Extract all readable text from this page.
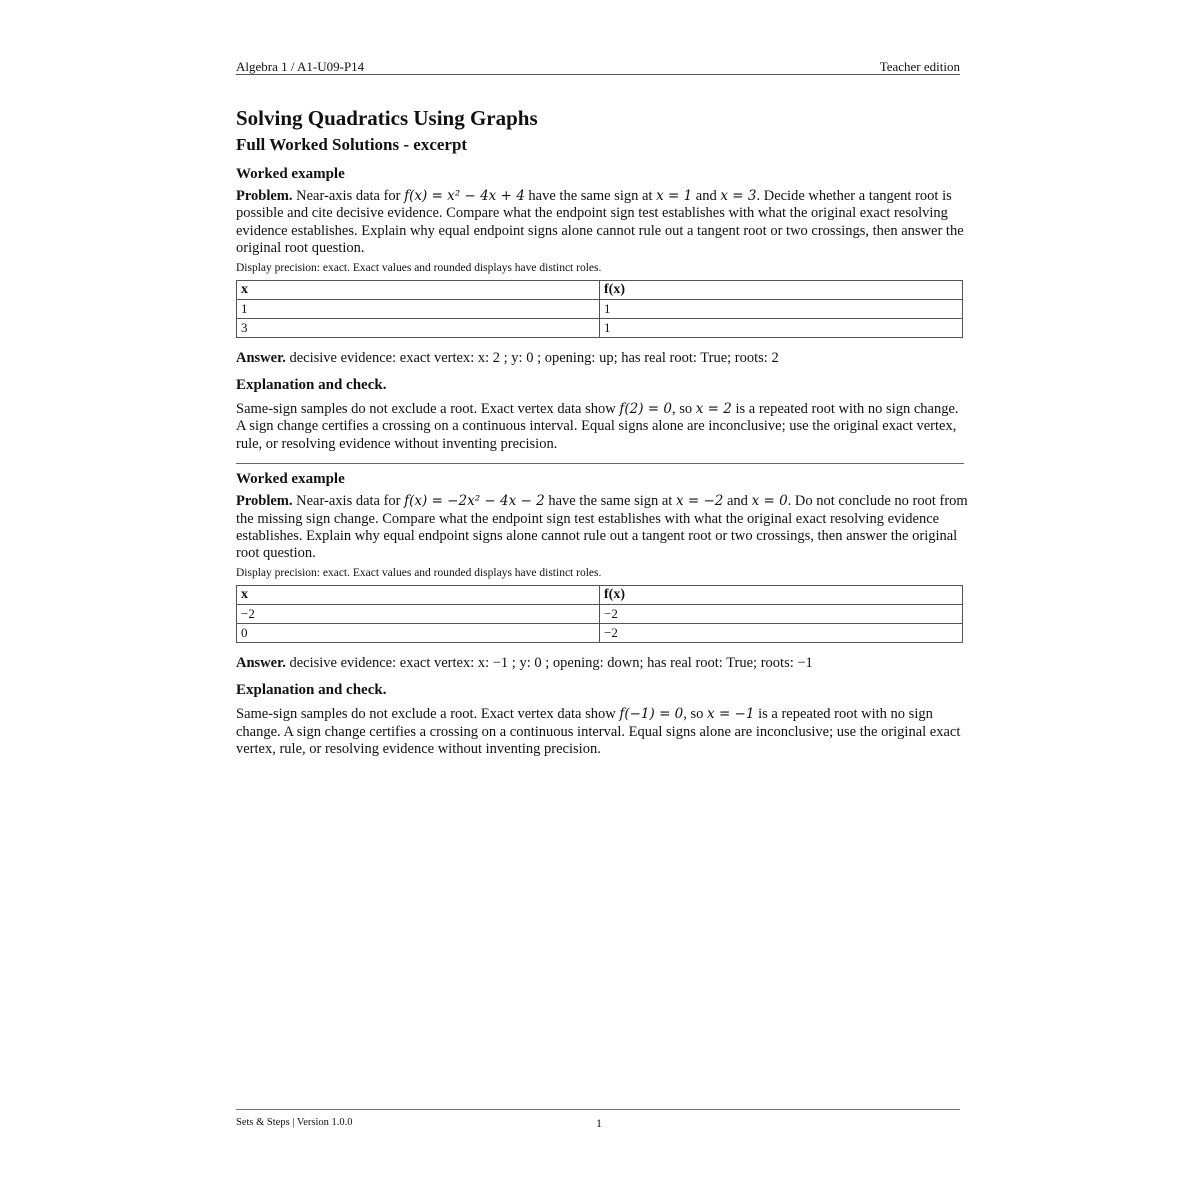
Algebra 1 / A1-U09-P14	Teacher edition
Solving Quadratics Using Graphs
Full Worked Solutions - excerpt
Worked example

Problem. Near-axis data for f(x) = x² − 4x + 4 have the same sign at x = 1 and x = 3. Decide whether a tangent root is possible and cite decisive evidence. Compare what the endpoint sign test establishes with what the original exact resolving evidence establishes. Explain why equal endpoint signs alone cannot rule out a tangent root or two crossings, then answer the original root question.

Display precision: exact. Exact values and rounded displays have distinct roles.
x	f(x)
1	1
3	1

Answer. decisive evidence: exact vertex: x: 2 ; y: 0 ; opening: up; has real root: True; roots: 2

Explanation and check.

Same-sign samples do not exclude a root. Exact vertex data show f(2) = 0, so x = 2 is a repeated root with no sign change. A sign change certifies a crossing on a continuous interval. Equal signs alone are inconclusive; use the original exact vertex, rule, or resolving evidence without inventing precision.

Worked example

Problem. Near-axis data for f(x) = −2x² − 4x − 2 have the same sign at x = −2 and x = 0. Do not conclude no root from the missing sign change. Compare what the endpoint sign test establishes with what the original exact resolving evidence establishes. Explain why equal endpoint signs alone cannot rule out a tangent root or two crossings, then answer the original root question.

Display precision: exact. Exact values and rounded displays have distinct roles.
x	f(x)
−2	−2
0	−2

Answer. decisive evidence: exact vertex: x: −1 ; y: 0 ; opening: down; has real root: True; roots: −1

Explanation and check.

Same-sign samples do not exclude a root. Exact vertex data show f(−1) = 0, so x = −1 is a repeated root with no sign change. A sign change certifies a crossing on a continuous interval. Equal signs alone are inconclusive; use the original exact vertex, rule, or resolving evidence without inventing precision.

Sets & Steps | Version 1.0.0	1
